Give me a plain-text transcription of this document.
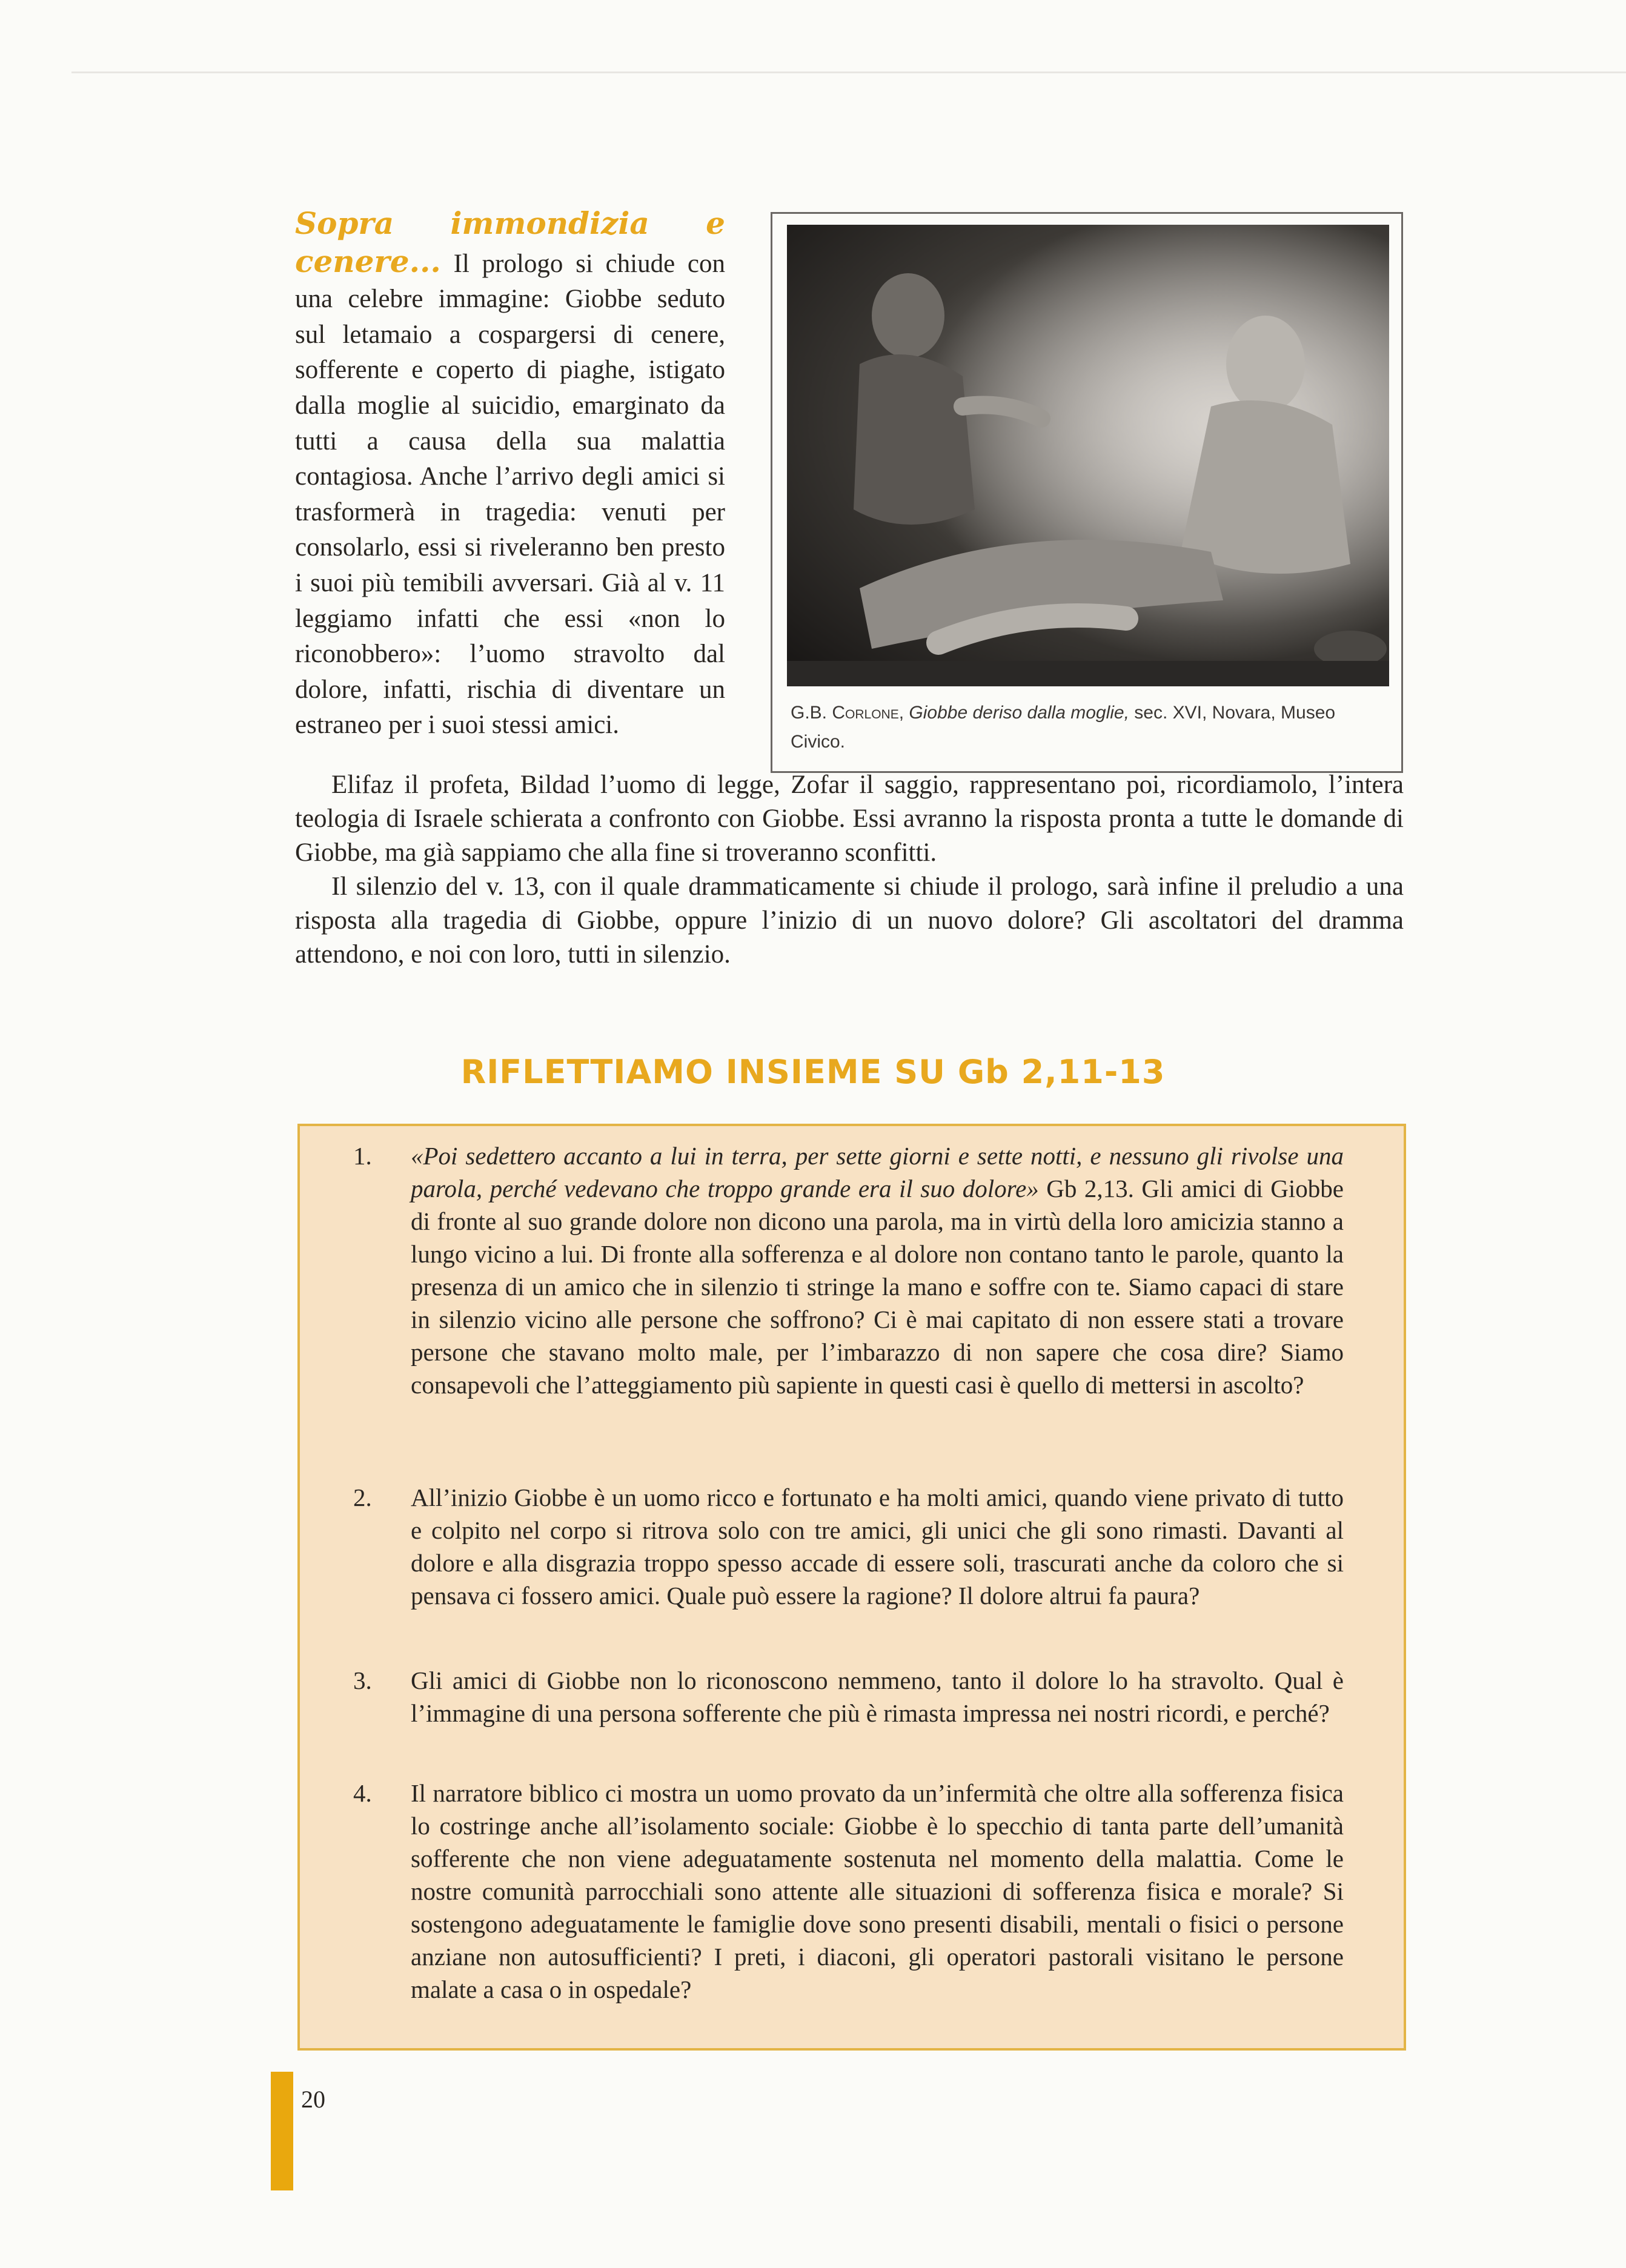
Sopra immondizia e cenere... Il prologo si chiude con una celebre immagine: Giobbe seduto sul letamaio a cospargersi di cenere, sofferente e coperto di piaghe, istigato dalla moglie al suicidio, emarginato da tutti a causa della sua malattia contagiosa. Anche l’arrivo degli amici si trasformerà in tragedia: venuti per consolarlo, essi si riveleranno ben presto i suoi più temibili avversari. Già al v. 11 leggiamo infatti che essi «non lo riconobbero»: l’uomo stravolto dal dolore, infatti, rischia di diventare un estraneo per i suoi stessi amici.	G.B. Corlone, Giobbe deriso dalla moglie, sec. XVI, Novara, Museo Civico.

Elifaz il profeta, Bildad l’uomo di legge, Zofar il saggio, rappresentano poi, ricordiamolo, l’intera teologia di Israele schierata a confronto con Giobbe. Essi avranno la risposta pronta a tutte le domande di Giobbe, ma già sappiamo che alla fine si troveranno sconfitti.

Il silenzio del v. 13, con il quale drammaticamente si chiude il prologo, sarà infine il preludio a una risposta alla tragedia di Giobbe, oppure l’inizio di un nuovo dolore? Gli ascoltatori del dramma attendono, e noi con loro, tutti in silenzio.

RIFLETTIAMO INSIEME SU Gb 2,11-13
1. «Poi sedettero accanto a lui in terra, per sette giorni e sette notti, e nessuno gli rivolse una parola, perché vedevano che troppo grande era il suo dolore» Gb 2,13. Gli amici di Giobbe di fronte al suo grande dolore non dicono una parola, ma in virtù della loro amicizia stanno a lungo vicino a lui. Di fronte alla sofferenza e al dolore non contano tanto le parole, quanto la presenza di un amico che in silenzio ti stringe la mano e soffre con te. Siamo capaci di stare in silenzio vicino alle persone che soffrono? Ci è mai capitato di non essere stati a trovare persone che stavano molto male, per l’imbarazzo di non sapere che cosa dire? Siamo consapevoli che l’atteggiamento più sapiente in questi casi è quello di mettersi in ascolto?
2. All’inizio Giobbe è un uomo ricco e fortunato e ha molti amici, quando viene privato di tutto e colpito nel corpo si ritrova solo con tre amici, gli unici che gli sono rimasti. Davanti al dolore e alla disgrazia troppo spesso accade di essere soli, trascurati anche da coloro che si pensava ci fossero amici. Quale può essere la ragione? Il dolore altrui fa paura?
3. Gli amici di Giobbe non lo riconoscono nemmeno, tanto il dolore lo ha stravolto. Qual è l’immagine di una persona sofferente che più è rimasta impressa nei nostri ricordi, e perché?
4. Il narratore biblico ci mostra un uomo provato da un’infermità che oltre alla sofferenza fisica lo costringe anche all’isolamento sociale: Giobbe è lo specchio di tanta parte dell’umanità sofferente che non viene adeguatamente sostenuta nel momento della malattia. Come le nostre comunità parrocchiali sono attente alle situazioni di sofferenza fisica e morale? Si sostengono adeguatamente le famiglie dove sono presenti disabili, mentali o fisici o persone anziane non autosufficienti? I preti, i diaconi, gli operatori pastorali visitano le persone malate a casa o in ospedale?
20
